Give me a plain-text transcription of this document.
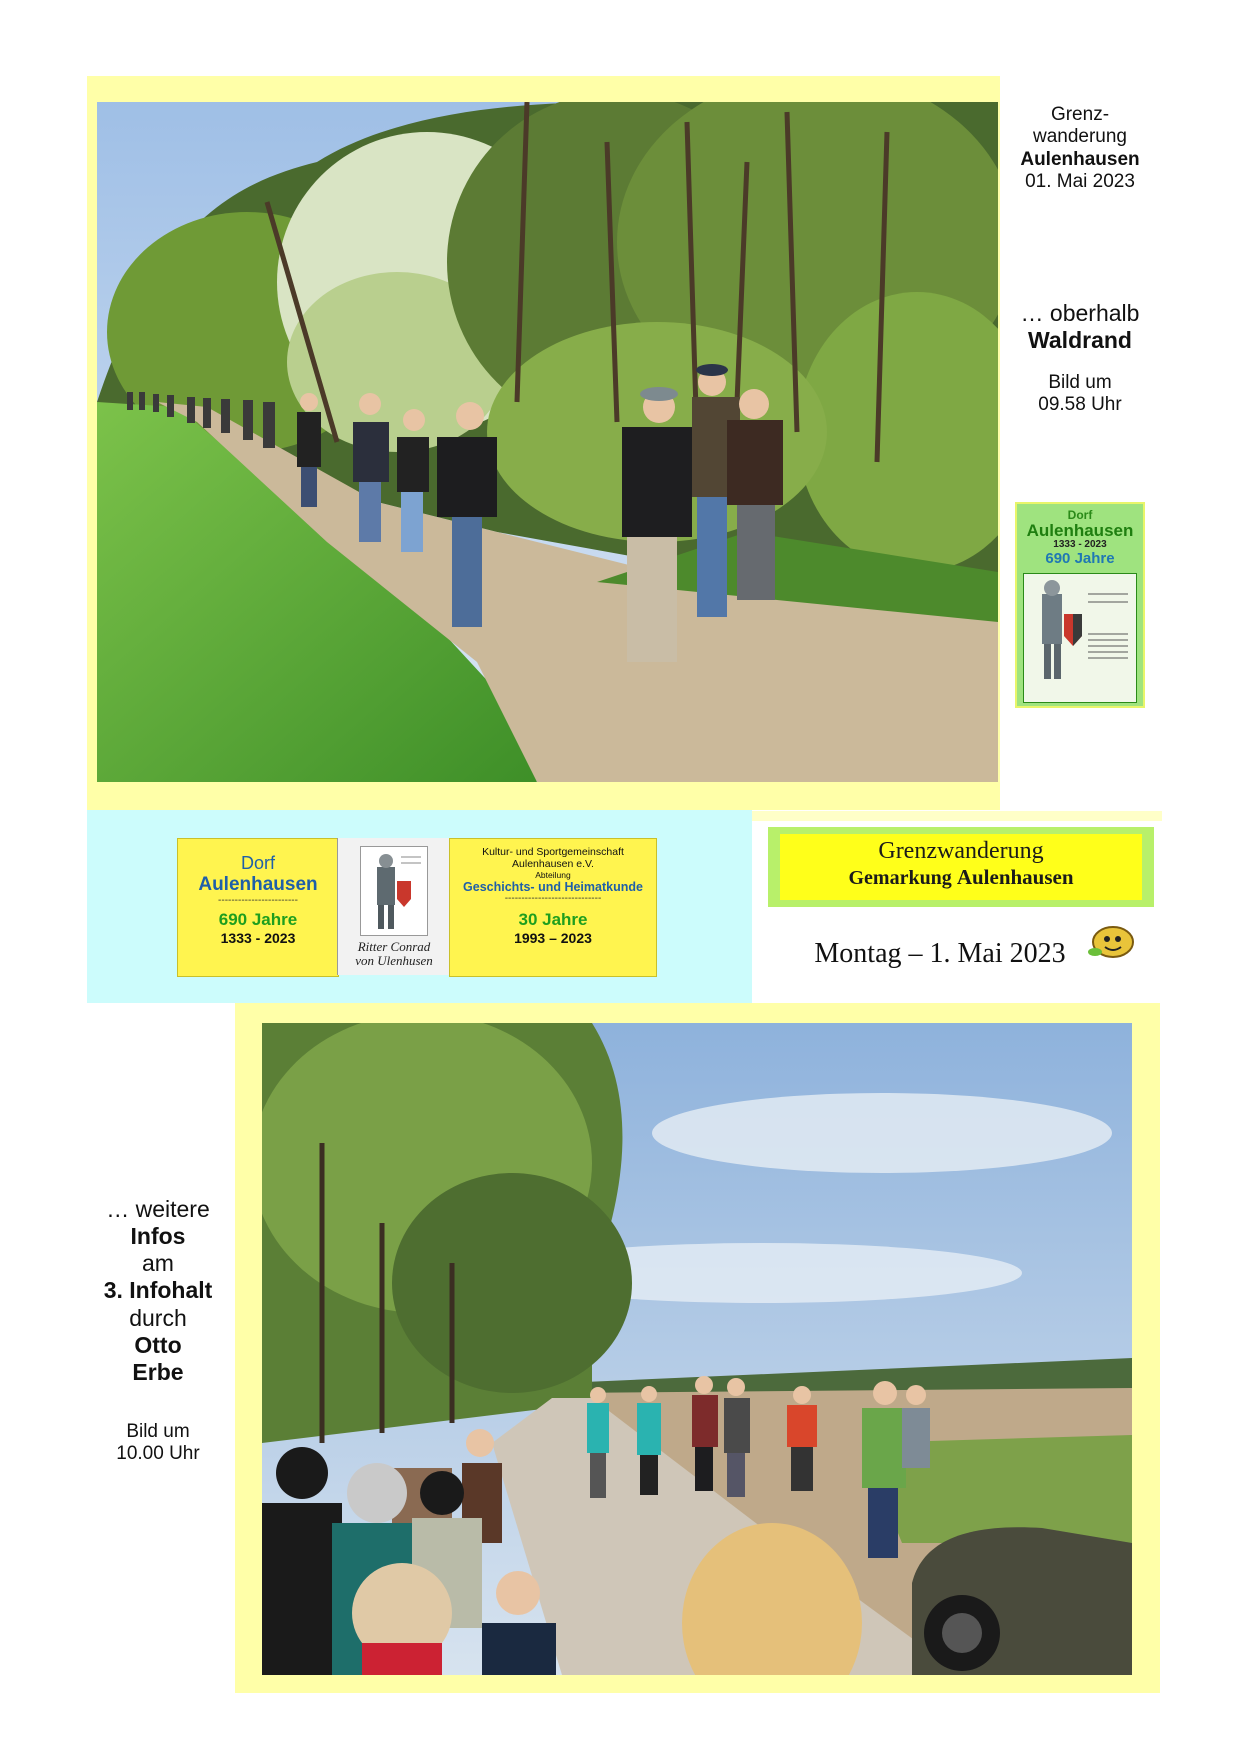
Grenz-
wanderung
Aulenhausen
01. Mai 2023
… oberhalb
Waldrand
Bild um
09.58 Uhr
Dorf
Aulenhausen
1333 - 2023
690 Jahre
Dorf
Aulenhausen
------------------------
690 Jahre
1333 - 2023
Ritter Conrad
von Ulenhusen
Kultur- und Sportgemeinschaft
Aulenhausen e.V.
Abteilung
Geschichts- und Heimatkunde
-----------------------------
30 Jahre
1993 – 2023
Grenzwanderung
Gemarkung Aulenhausen
Montag – 1. Mai 2023
… weitere
Infos
am
3. Infohalt
durch
Otto
Erbe
Bild um
10.00 Uhr
